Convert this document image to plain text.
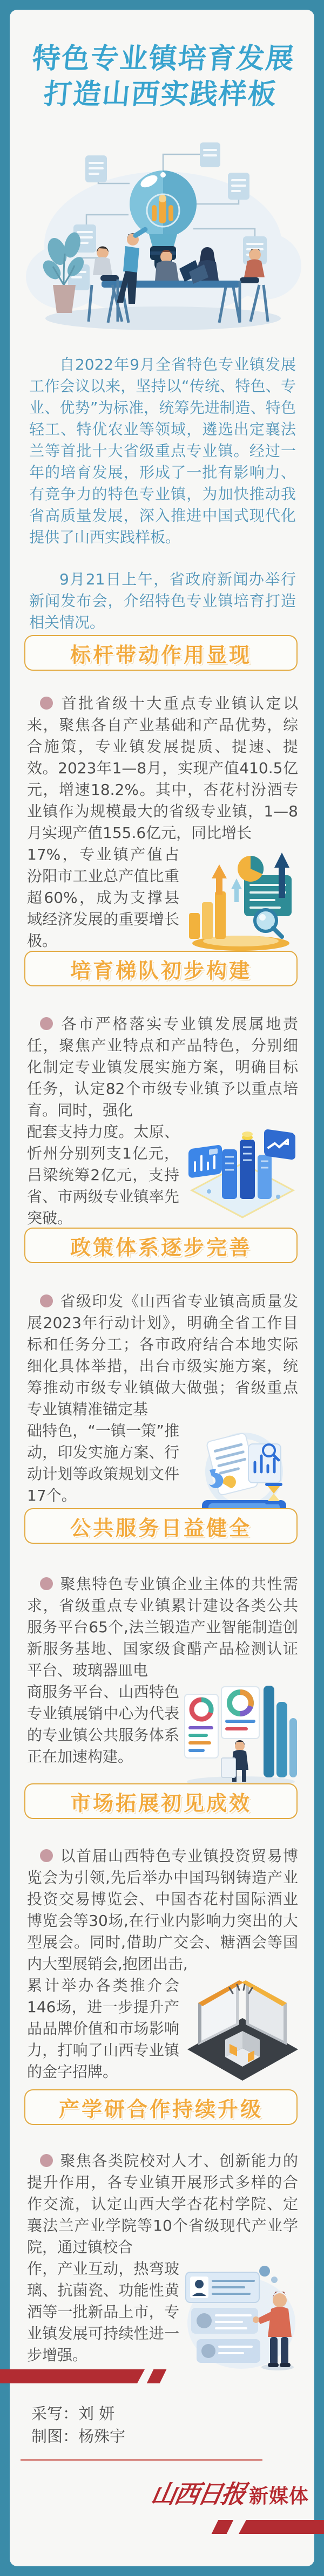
特色专业镇培育发展
打造山西实践样板

自2022年9月全省特色专业镇发展工作会议以来，坚持以“传统、特色、专业、优势”为标准，统筹先进制造、特色轻工、特优农业等领域，遴选出定襄法兰等首批十大省级重点专业镇。经过一年的培育发展，形成了一批有影响力、有竞争力的特色专业镇，为加快推动我省高质量发展，深入推进中国式现代化提供了山西实践样板。

9月21日上午，省政府新闻办举行新闻发布会，介绍特色专业镇培育打造相关情况。

标杆带动作用显现

首批省级十大重点专业镇认定以来，聚焦各自产业基础和产品优势，综合施策，专业镇发展提质、提速、提效。2023年1—8月，实现产值410.5亿元，增速18.2%。其中，杏花村汾酒专业镇作为规模最大的省级专业镇，1—8月实现产值155.6亿元，同比增长

17%，专业镇产值占汾阳市工业总产值比重超60%，成为支撑县域经济发展的重要增长极。

培育梯队初步构建

各市严格落实专业镇发展属地责任，聚焦产业特点和产品特色，分别细化制定专业镇发展实施方案，明确目标任务，认定82个市级专业镇予以重点培育。同时，强化

配套支持力度。太原、忻州分别列支1亿元，吕梁统筹2亿元，支持省、市两级专业镇率先突破。

政策体系逐步完善

省级印发《山西省专业镇高质量发展2023年行动计划》，明确全省工作目标和任务分工；各市政府结合本地实际细化具体举措，出台市级实施方案，统筹推动市级专业镇做大做强；省级重点专业镇精准锚定基

础特色，“一镇一策”推动，印发实施方案、行动计划等政策规划文件17个。

公共服务日益健全

聚焦特色专业镇企业主体的共性需求，省级重点专业镇累计建设各类公共服务平台65个,法兰锻造产业智能制造创新服务基地、国家级食醋产品检测认证平台、玻璃器皿电

商服务平台、山西特色专业镇展销中心为代表的专业镇公共服务体系正在加速构建。

市场拓展初见成效

以首届山西特色专业镇投资贸易博览会为引领,先后举办中国玛钢铸造产业投资交易博览会、中国杏花村国际酒业博览会等30场,在行业内影响力突出的大型展会。同时,借助广交会、糖酒会等国内大型展销会,抱团出击,

累计举办各类推介会146场，进一步提升产品品牌价值和市场影响力，打响了山西专业镇的金字招牌。

产学研合作持续升级

聚焦各类院校对人才、创新能力的提升作用，各专业镇开展形式多样的合作交流，认定山西大学杏花村学院、定襄法兰产业学院等10个省级现代产业学院，通过镇校合

作，产业互动，热弯玻璃、抗菌瓷、功能性黄酒等一批新品上市，专业镇发展可持续性进一步增强。

采写：刘 妍
制图：杨殊宇
山西日报 新媒体
